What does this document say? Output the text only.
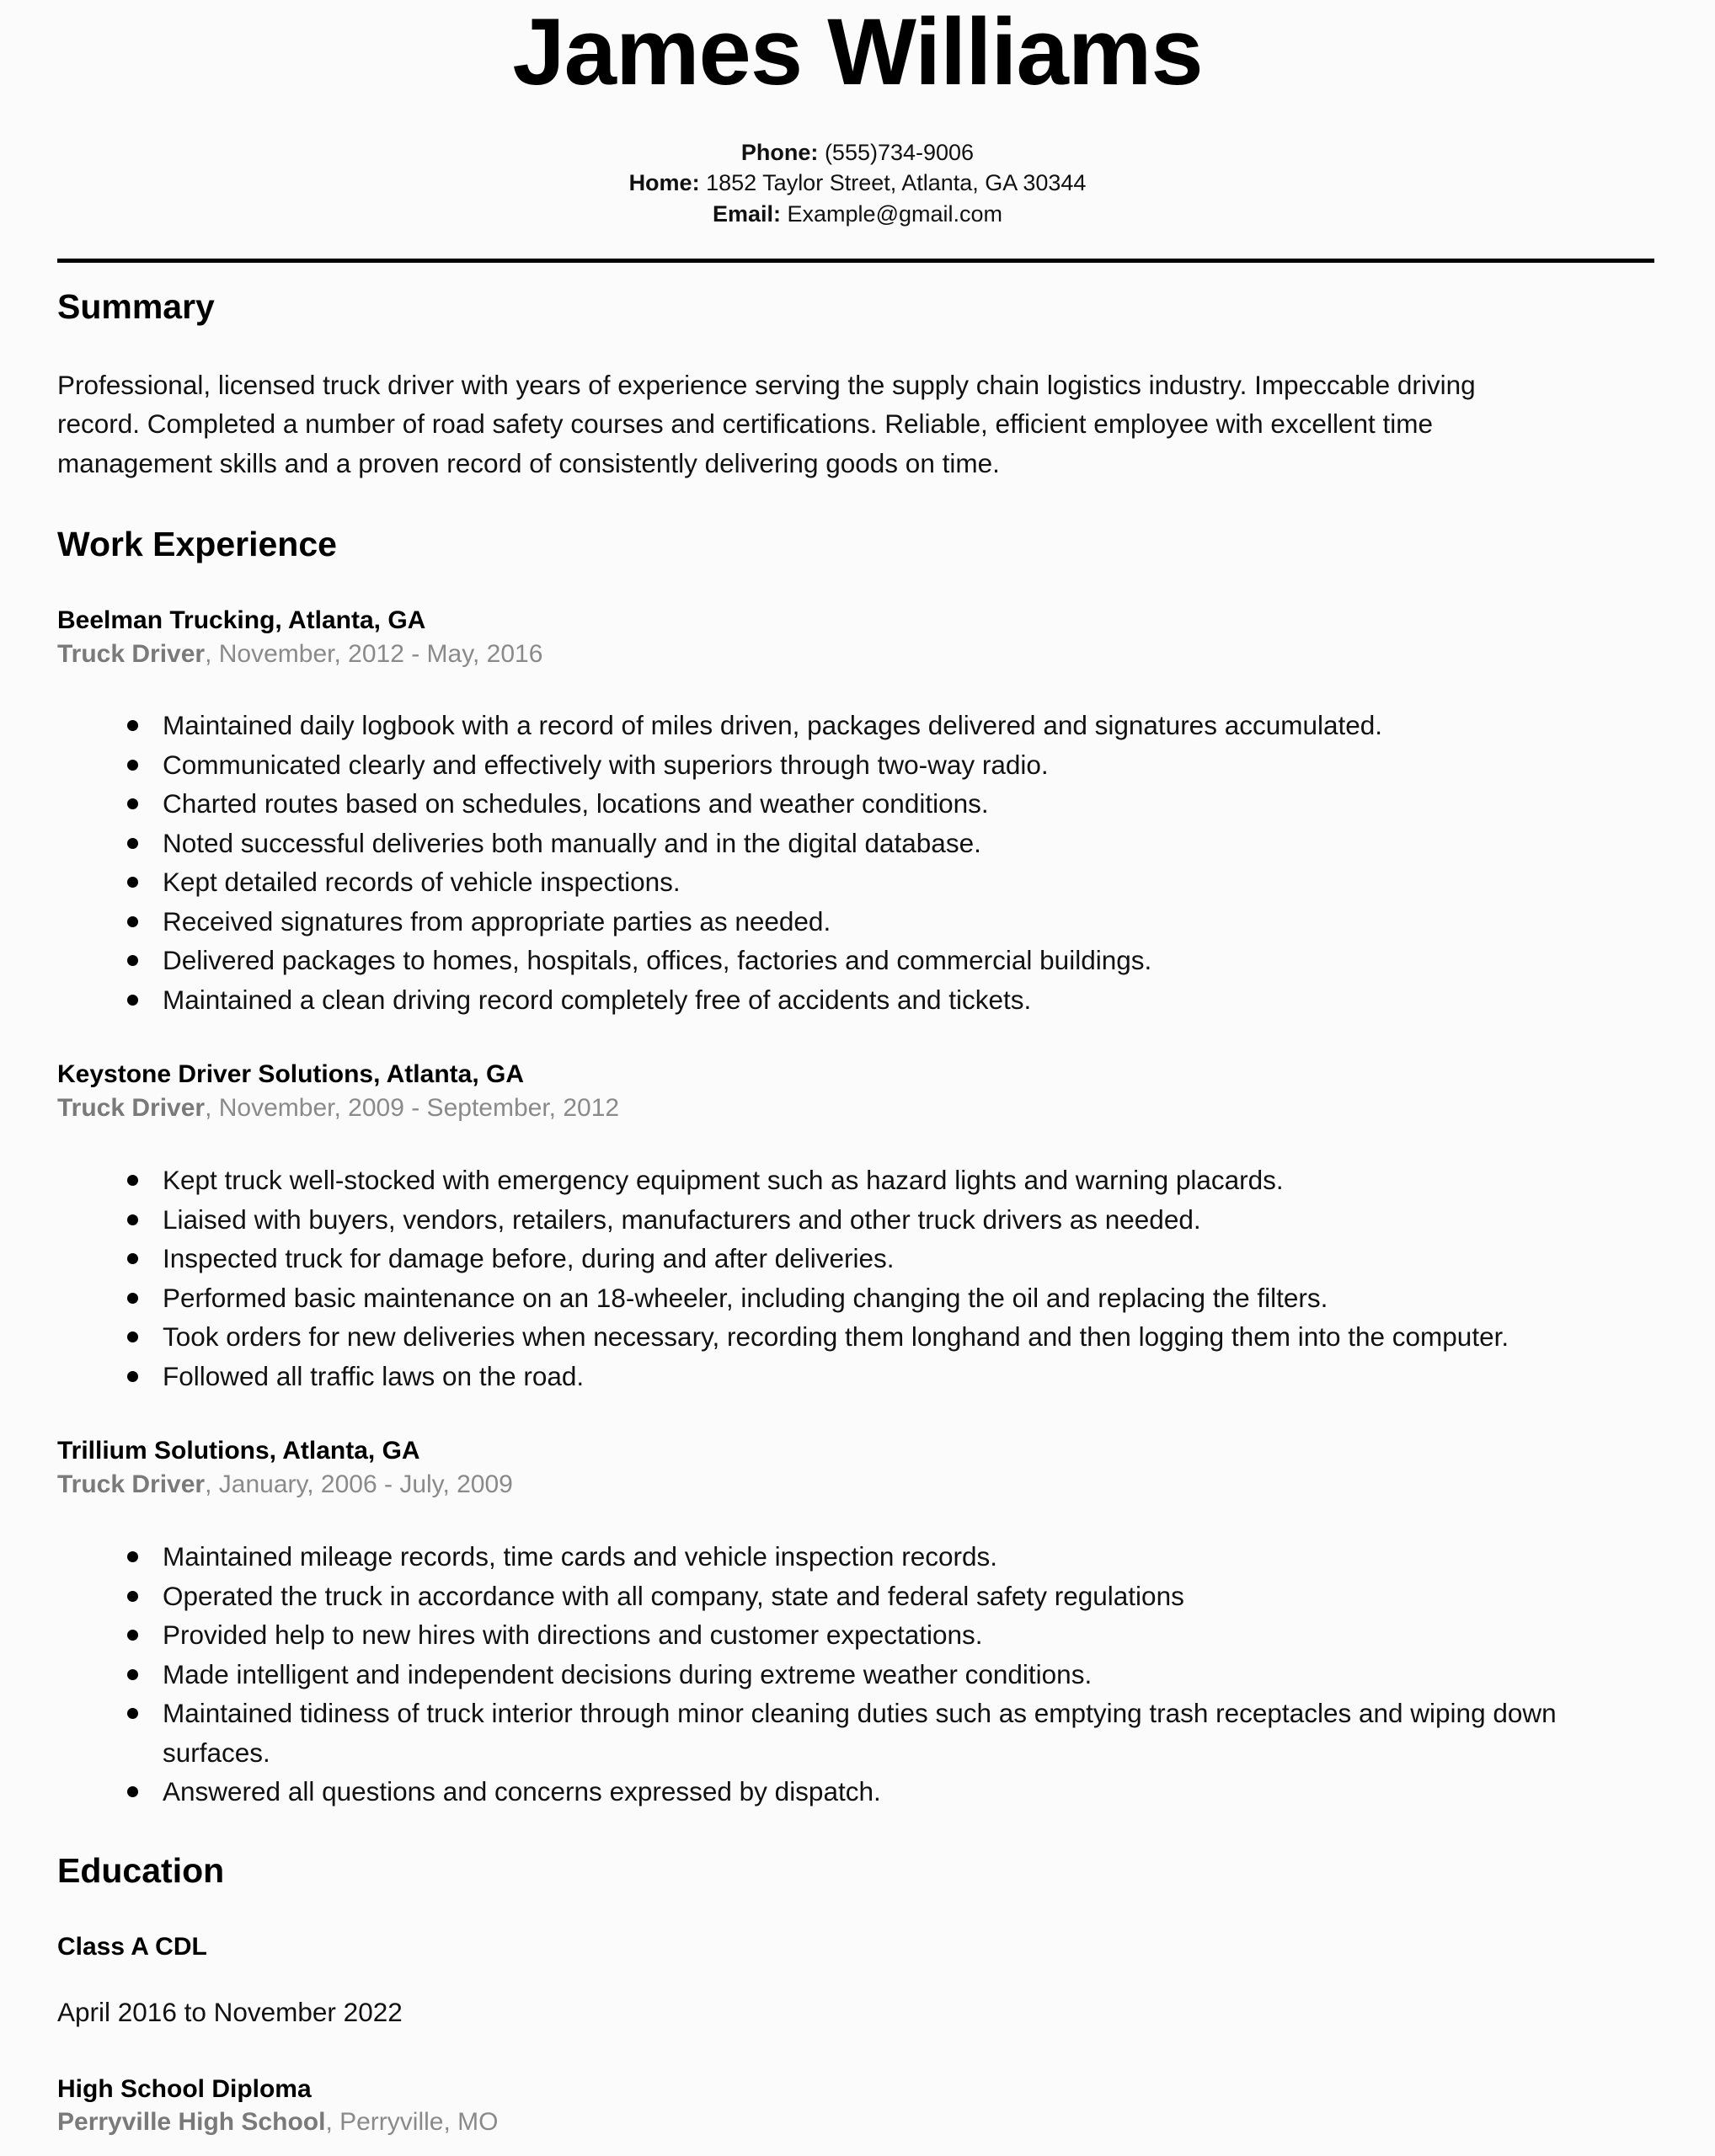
James Williams
Phone: (555)734-9006
Home: 1852 Taylor Street, Atlanta, GA 30344
Email: Example@gmail.com
Summary
Professional, licensed truck driver with years of experience serving the supply chain logistics industry. Impeccable driving
record. Completed a number of road safety courses and certifications. Reliable, efficient employee with excellent time
management skills and a proven record of consistently delivering goods on time.
Work Experience
Beelman Trucking, Atlanta, GA
Truck Driver, November, 2012 - May, 2016
Maintained daily logbook with a record of miles driven, packages delivered and signatures accumulated.
Communicated clearly and effectively with superiors through two-way radio.
Charted routes based on schedules, locations and weather conditions.
Noted successful deliveries both manually and in the digital database.
Kept detailed records of vehicle inspections.
Received signatures from appropriate parties as needed.
Delivered packages to homes, hospitals, offices, factories and commercial buildings.
Maintained a clean driving record completely free of accidents and tickets.
Keystone Driver Solutions, Atlanta, GA
Truck Driver, November, 2009 - September, 2012
Kept truck well-stocked with emergency equipment such as hazard lights and warning placards.
Liaised with buyers, vendors, retailers, manufacturers and other truck drivers as needed.
Inspected truck for damage before, during and after deliveries.
Performed basic maintenance on an 18-wheeler, including changing the oil and replacing the filters.
Took orders for new deliveries when necessary, recording them longhand and then logging them into the computer.
Followed all traffic laws on the road.
Trillium Solutions, Atlanta, GA
Truck Driver, January, 2006 - July, 2009
Maintained mileage records, time cards and vehicle inspection records.
Operated the truck in accordance with all company, state and federal safety regulations
Provided help to new hires with directions and customer expectations.
Made intelligent and independent decisions during extreme weather conditions.
Maintained tidiness of truck interior through minor cleaning duties such as emptying trash receptacles and wiping down surfaces.
Answered all questions and concerns expressed by dispatch.
Education
Class A CDL
April 2016 to November 2022
High School Diploma
Perryville High School, Perryville, MO
